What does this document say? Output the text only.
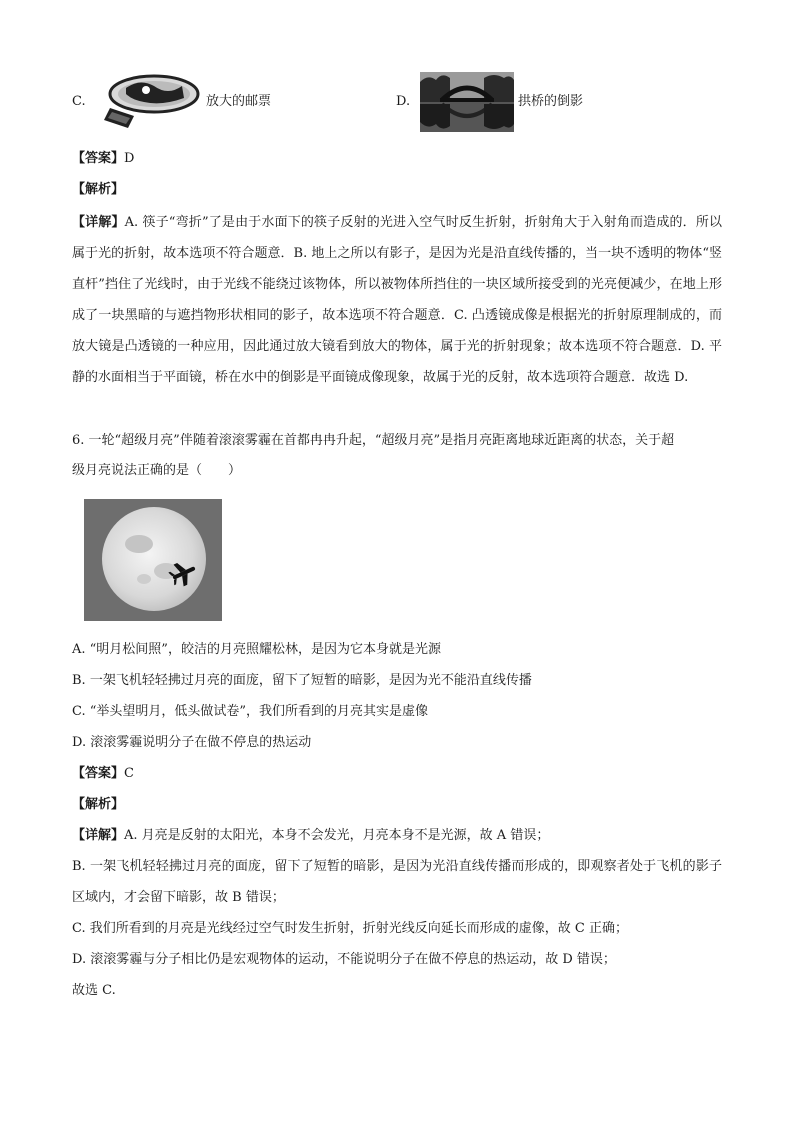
C.	放大的邮票	D.	拱桥的倒影
【答案】D
【解析】
【详解】A. 筷子“弯折”了是由于水面下的筷子反射的光进入空气时反生折射，折射角大于入射角而造成的．所以属于光的折射，故本选项不符合题意．B. 地上之所以有影子，是因为光是沿直线传播的，当一块不透明的物体“竖直杆”挡住了光线时，由于光线不能绕过该物体，所以被物体所挡住的一块区域所接受到的光亮便减少，在地上形成了一块黑暗的与遮挡物形状相同的影子，故本选项不符合题意．C. 凸透镜成像是根据光的折射原理制成的，而放大镜是凸透镜的一种应用，因此通过放大镜看到放大的物体，属于光的折射现象；故本选项不符合题意．D. 平静的水面相当于平面镜，桥在水中的倒影是平面镜成像现象，故属于光的反射，故本选项符合题意．故选 D.
6. 一轮“超级月亮”伴随着滚滚雾霾在首都冉冉升起，“超级月亮”是指月亮距离地球近距离的状态，关于超
级月亮说法正确的是（　　）
A. “明月松间照”，皎洁的月亮照耀松林，是因为它本身就是光源
B. 一架飞机轻轻拂过月亮的面庞，留下了短暂的暗影，是因为光不能沿直线传播
C. “举头望明月，低头做试卷”，我们所看到的月亮其实是虚像
D. 滚滚雾霾说明分子在做不停息的热运动
【答案】C
【解析】
【详解】A. 月亮是反射的太阳光，本身不会发光，月亮本身不是光源，故 A 错误；
B. 一架飞机轻轻拂过月亮的面庞，留下了短暂的暗影，是因为光沿直线传播而形成的，即观察者处于飞机的影子区域内，才会留下暗影，故 B 错误；
C. 我们所看到的月亮是光线经过空气时发生折射，折射光线反向延长而形成的虚像，故 C 正确；
D. 滚滚雾霾与分子相比仍是宏观物体的运动，不能说明分子在做不停息的热运动，故 D 错误；
故选 C.
